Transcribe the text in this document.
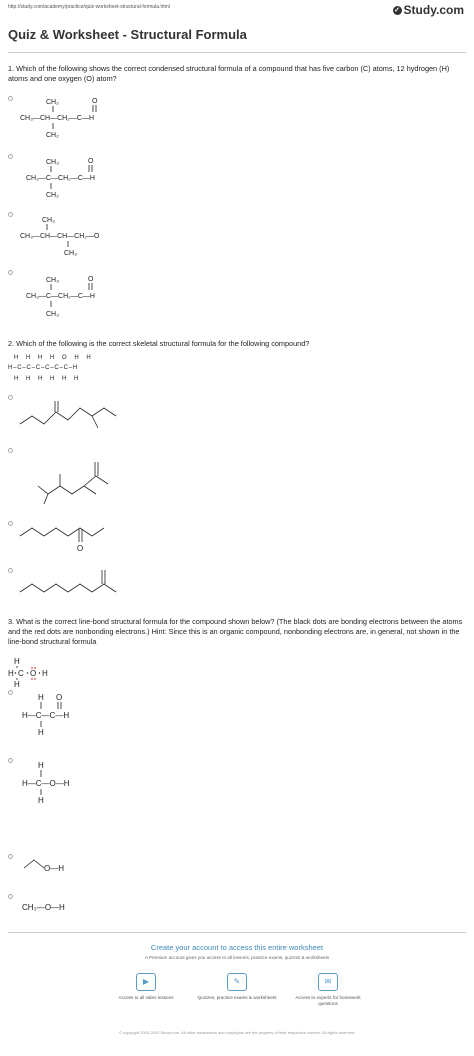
http://study.com/academy/practice/quiz-worksheet-structural-formula.html	✓ Study.com
Quiz & Worksheet - Structural Formula
1. Which of the following shows the correct condensed structural formula of a compound that has five carbon (C) atoms, 12 hydrogen (H) atoms and one oxygen (O) atom?
CH₂
CH₃—CH—CH₂—C—H
CH₂
O
CH₃
CH₃—C—CH₂—C—H
CH₂
O
CH₃
CH₃—CH—CH—CH₂—O
CH₃
CH₃
CH₃—C—CH₂—C—H
CH₃
O
2. Which of the following is the correct skeletal structural formula for the following compound?
H H H H O H H
H–C–C–C–C–C–C–H
H H H H H H
O
3. What is the correct line-bond structural formula for the compound shown below? (The black dots are bonding electrons between the atoms and the red dots are nonbonding electrons.) Hint: Since this is an organic compound, nonbonding electrons are, in general, not shown in the line-bond structural formula
H
H C O H
H
H O
H—C—C—H
H
H
H—C—O—H
H
O—H
CH₃—O—H
Create your account to access this entire worksheet
A Premium account gives you access to all lessons, practice exams, quizzes & worksheets
▶
Access to all video lessons
✎
Quizzes, practice exams & worksheets
✉
Access to experts for homework questions
© copyright 2003-2020 Study.com. All other trademarks and copyrights are the property of their respective owners. All rights reserved.
